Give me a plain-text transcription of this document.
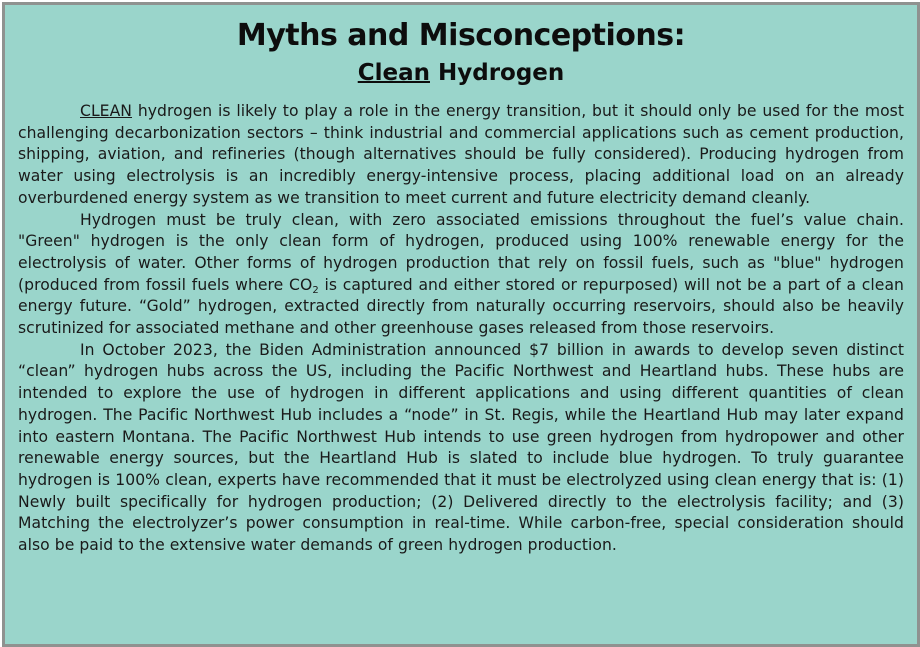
Myths and Misconceptions:
Clean Hydrogen

CLEAN hydrogen is likely to play a role in the energy transition, but it should only be used for the most challenging decarbonization sectors – think industrial and commercial applications such as cement production, shipping, aviation, and refineries (though alternatives should be fully considered). Producing hydrogen from water using electrolysis is an incredibly energy-intensive process, placing additional load on an already overburdened energy system as we transition to meet current and future electricity demand cleanly.

Hydrogen must be truly clean, with zero associated emissions throughout the fuel’s value chain. "Green" hydrogen is the only clean form of hydrogen, produced using 100% renewable energy for the electrolysis of water. Other forms of hydrogen production that rely on fossil fuels, such as "blue" hydrogen (produced from fossil fuels where $CO_2$ is captured and either stored or repurposed) will not be a part of a clean energy future. “Gold” hydrogen, extracted directly from naturally occurring reservoirs, should also be heavily scrutinized for associated methane and other greenhouse gases released from those reservoirs.

In October 2023, the Biden Administration announced $7 billion in awards to develop seven distinct “clean” hydrogen hubs across the US, including the Pacific Northwest and Heartland hubs. These hubs are intended to explore the use of hydrogen in different applications and using different quantities of clean hydrogen. The Pacific Northwest Hub includes a “node” in St. Regis, while the Heartland Hub may later expand into eastern Montana. The Pacific Northwest Hub intends to use green hydrogen from hydropower and other renewable energy sources, but the Heartland Hub is slated to include blue hydrogen. To truly guarantee hydrogen is 100% clean, experts have recommended that it must be electrolyzed using clean energy that is: (1) Newly built specifically for hydrogen production; (2) Delivered directly to the electrolysis facility; and (3) Matching the electrolyzer’s power consumption in real-time. While carbon-free, special consideration should also be paid to the extensive water demands of green hydrogen production.
